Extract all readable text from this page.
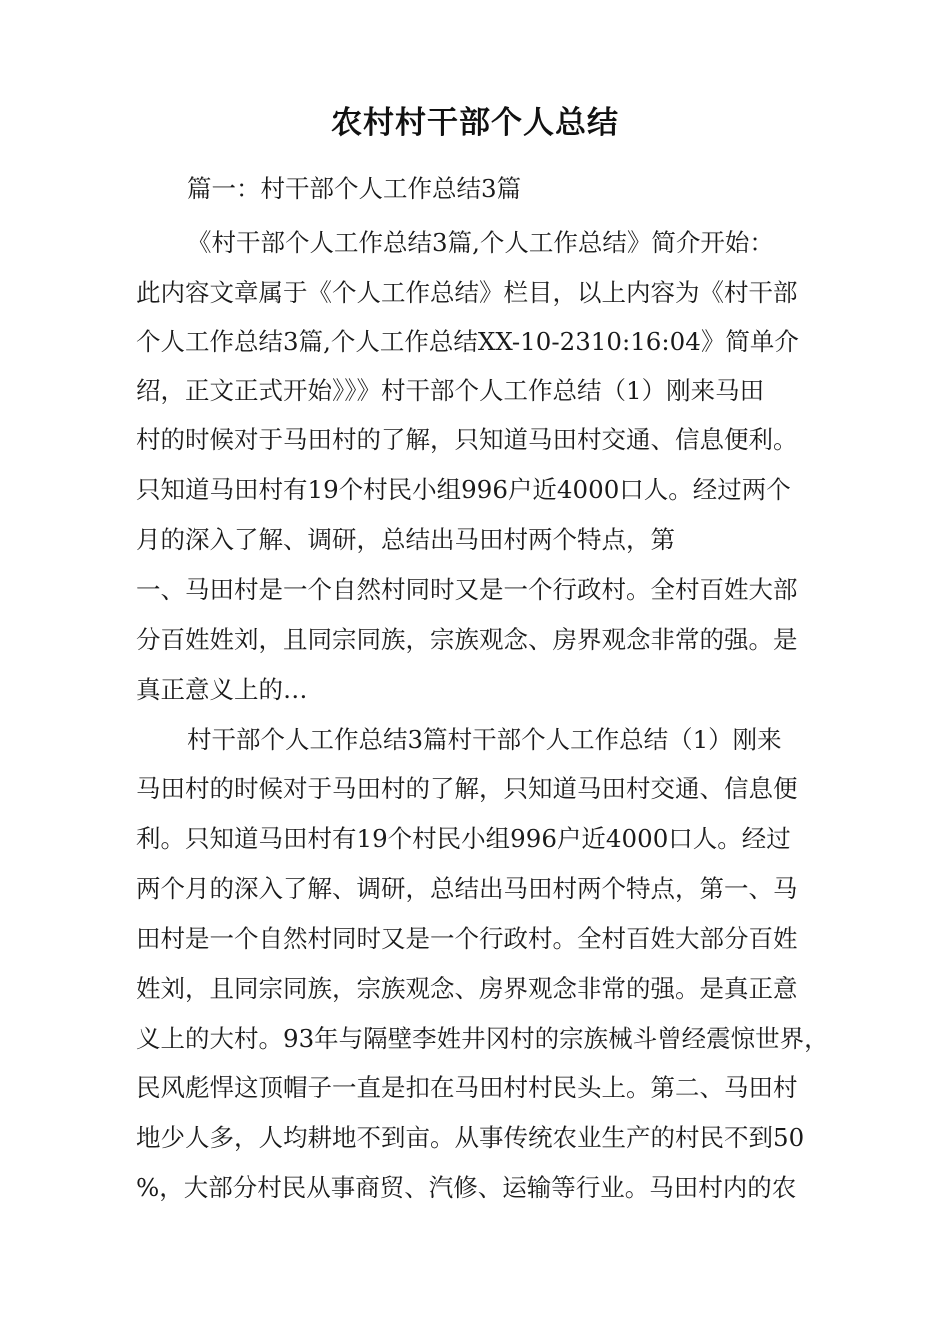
农村村干部个人总结
篇一：村干部个人工作总结3篇
《村干部个人工作总结3篇,个人工作总结》简介开始：
此内容文章属于《个人工作总结》栏目，以上内容为《村干部
个人工作总结3篇,个人工作总结XX-10-2310:16:04》简单介
绍，正文正式开始》》》村干部个人工作总结（1）刚来马田
村的时候对于马田村的了解，只知道马田村交通、信息便利。
只知道马田村有19个村民小组996户近4000口人。经过两个
月的深入了解、调研，总结出马田村两个特点，第
一、马田村是一个自然村同时又是一个行政村。全村百姓大部
分百姓姓刘，且同宗同族，宗族观念、房界观念非常的强。是
真正意义上的…
村干部个人工作总结3篇村干部个人工作总结（1）刚来
马田村的时候对于马田村的了解，只知道马田村交通、信息便
利。只知道马田村有19个村民小组996户近4000口人。经过
两个月的深入了解、调研，总结出马田村两个特点，第一、马
田村是一个自然村同时又是一个行政村。全村百姓大部分百姓
姓刘，且同宗同族，宗族观念、房界观念非常的强。是真正意
义上的大村。93年与隔壁李姓井冈村的宗族械斗曾经震惊世界，
民风彪悍这顶帽子一直是扣在马田村村民头上。第二、马田村
地少人多，人均耕地不到亩。从事传统农业生产的村民不到50
%，大部分村民从事商贸、汽修、运输等行业。马田村内的农
